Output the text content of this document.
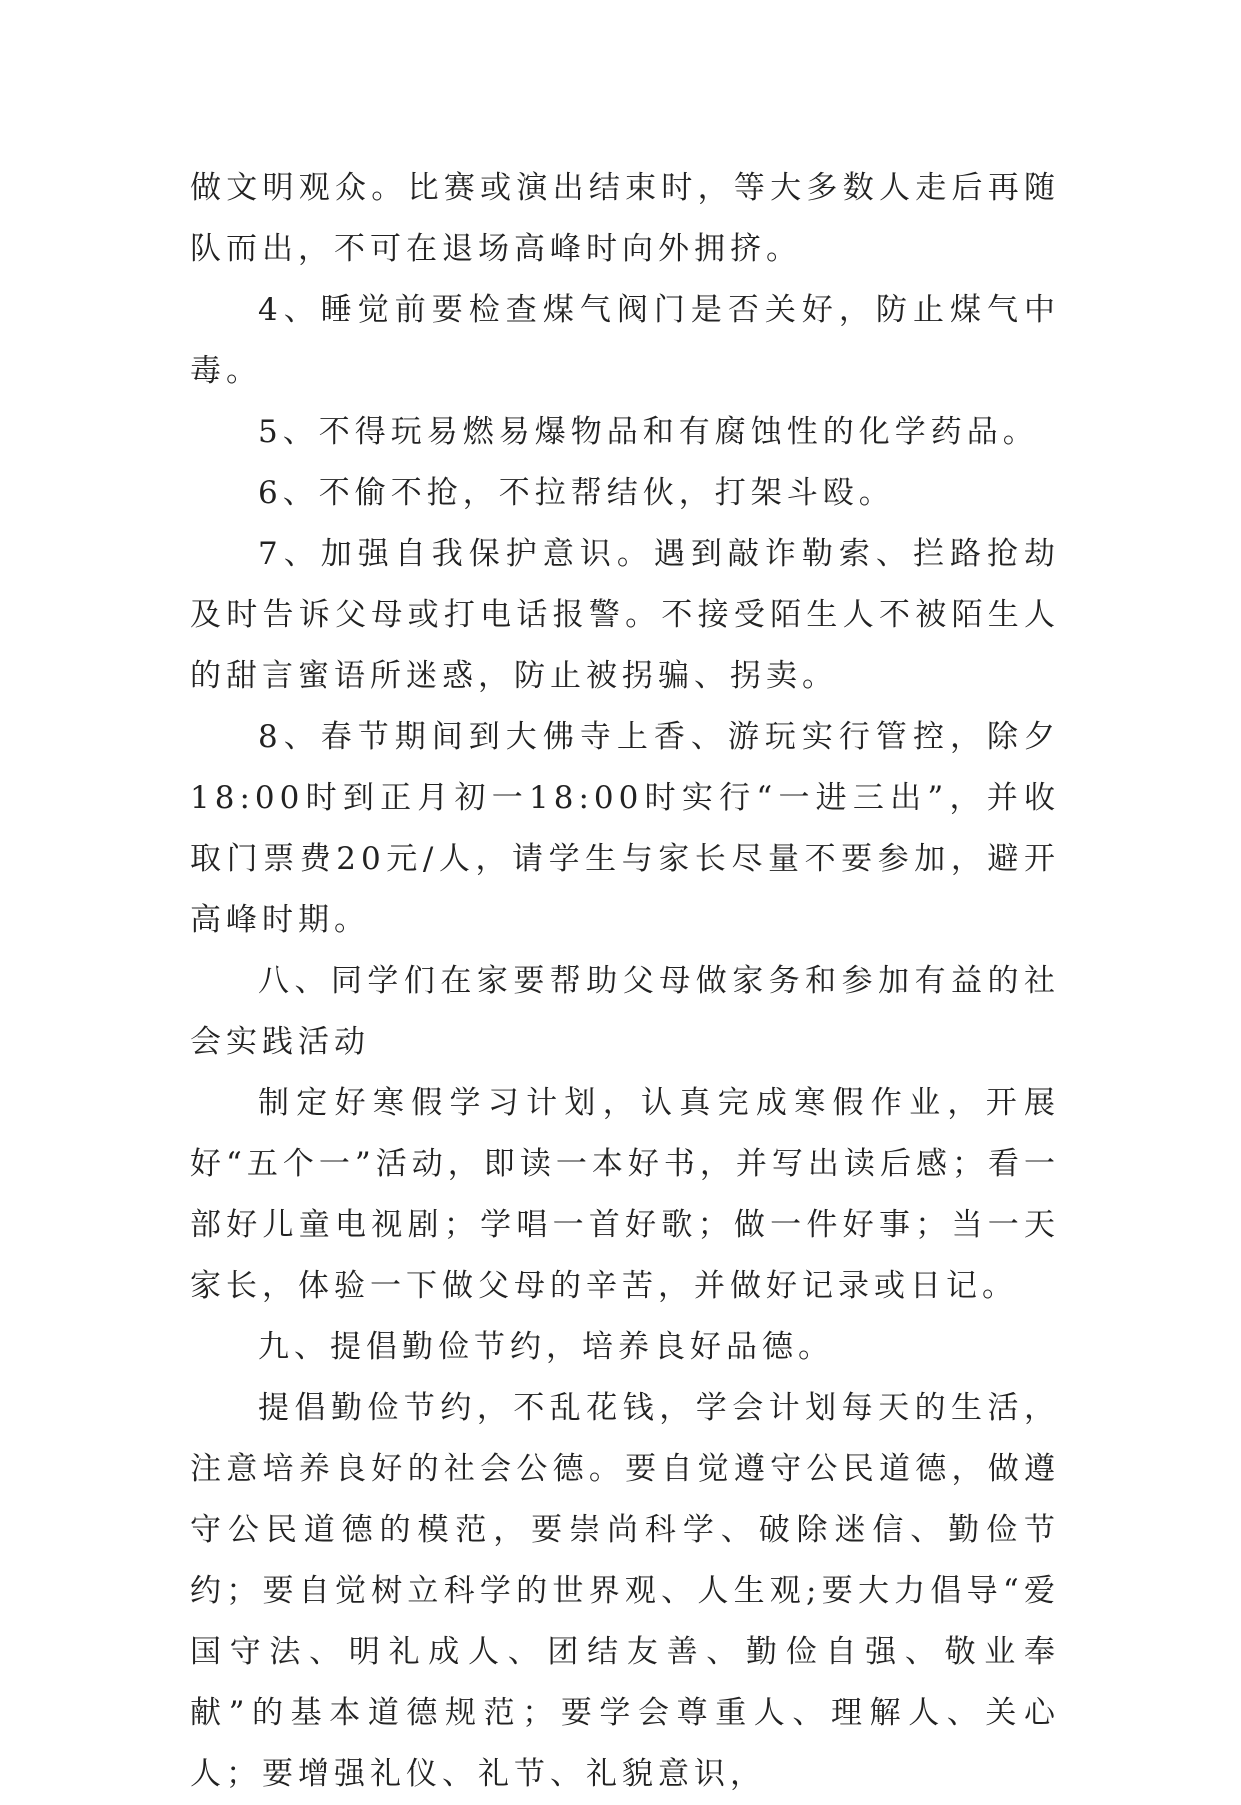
做文明观众。比赛或演出结束时，等大多数人走后再随队而出，不可在退场高峰时向外拥挤。

4、睡觉前要检查煤气阀门是否关好，防止煤气中毒。

5、不得玩易燃易爆物品和有腐蚀性的化学药品。

6、不偷不抢，不拉帮结伙，打架斗殴。

7、加强自我保护意识。遇到敲诈勒索、拦路抢劫及时告诉父母或打电话报警。不接受陌生人不被陌生人的甜言蜜语所迷惑，防止被拐骗、拐卖。

8、春节期间到大佛寺上香、游玩实行管控，除夕18:00时到正月初一18:00时实行“一进三出”，并收取门票费20元/人，请学生与家长尽量不要参加，避开高峰时期。

八、同学们在家要帮助父母做家务和参加有益的社会实践活动

制定好寒假学习计划，认真完成寒假作业，开展好“五个一”活动，即读一本好书，并写出读后感；看一部好儿童电视剧；学唱一首好歌；做一件好事；当一天家长，体验一下做父母的辛苦，并做好记录或日记。

九、提倡勤俭节约，培养良好品德。

提倡勤俭节约，不乱花钱，学会计划每天的生活，注意培养良好的社会公德。要自觉遵守公民道德，做遵守公民道德的模范，要崇尚科学、破除迷信、勤俭节约；要自觉树立科学的世界观、人生观;要大力倡导“爱国守法、明礼成人、团结友善、勤俭自强、敬业奉献”的基本道德规范；要学会尊重人、理解人、关心人；要增强礼仪、礼节、礼貌意识，
